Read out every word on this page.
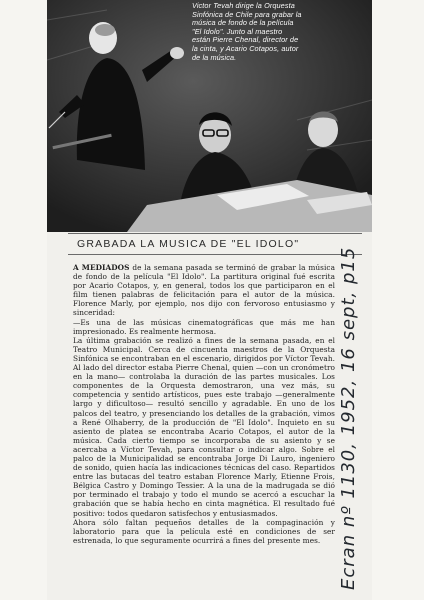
Victor Tevah dirige la Orquesta Sinfónica de Chile para grabar la música de fondo de la película "El Idolo". Junto al maestro están Pierre Chenal, director de la cinta, y Acario Cotapos, autor de la música.
GRABADA LA MUSICA DE "EL IDOLO"

A MEDIADOS de la semana pasada se terminó de grabar la música de fondo de la película "El Idolo". La partitura original fué escrita por Acario Cotapos, y, en general, todos los que participaron en el film tienen palabras de felicitación para el autor de la música. Florence Marly, por ejemplo, nos dijo con fervoroso entusiasmo y sinceridad:

—Es una de las músicas cinematográficas que más me han impresionado. Es realmente hermosa.

La última grabación se realizó a fines de la semana pasada, en el Teatro Municipal. Cerca de cincuenta maestros de la Orquesta Sinfónica se encontraban en el escenario, dirigidos por Víctor Tevah. Al lado del director estaba Pierre Chenal, quien —con un cronómetro en la mano— controlaba la duración de las partes musicales. Los componentes de la Orquesta demostraron, una vez más, su competencia y sentido artísticos, pues este trabajo —generalmente largo y dificultoso— resultó sencillo y agradable. En uno de los palcos del teatro, y presenciando los detalles de la grabación, vimos a René Olhaberry, de la producción de "El Idolo". Inquieto en su asiento de platea se encontraba Acario Cotapos, el autor de la música. Cada cierto tiempo se incorporaba de su asiento y se acercaba a Víctor Tevah, para consultar o indicar algo. Sobre el palco de la Municipalidad se encontraba Jorge Di Lauro, ingeniero de sonido, quien hacía las indicaciones técnicas del caso. Repartidos entre las butacas del teatro estaban Florence Marly, Etienne Frois, Bélgica Castro y Domingo Tessier. A la una de la madrugada se dió por terminado el trabajo y todo el mundo se acercó a escuchar la grabación que se había hecho en cinta magnética. El resultado fué positivo: todos quedaron satisfechos y entusiasmados.

Ahora sólo faltan pequeños detalles de la compaginación y laboratorio para que la película esté en condiciones de ser estrenada, lo que seguramente ocurrirá a fines del presente mes. Ecran nº 1130, 1952, 16 sept, p15
